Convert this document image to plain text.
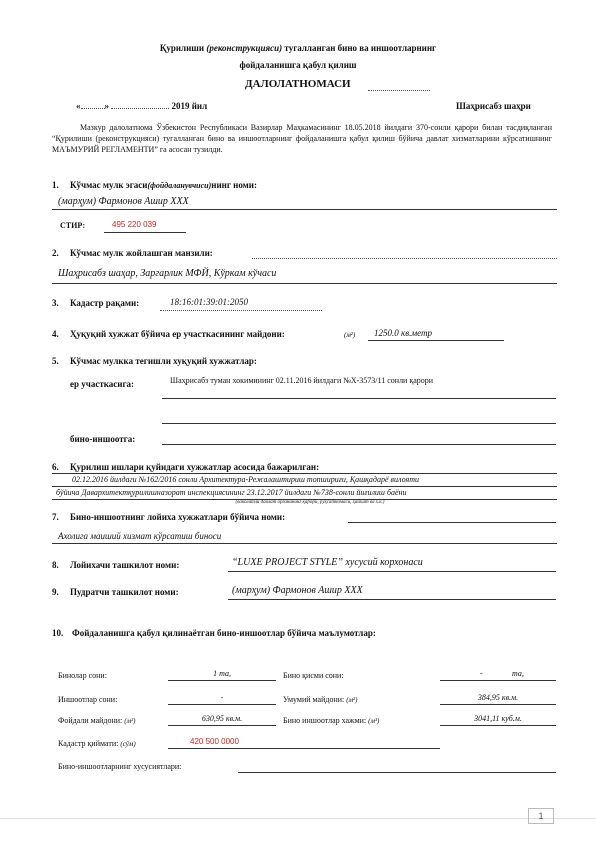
Қурилиши (реконструкцияси) тугалланган бино ва иншоотларнинг
фойдаланишга қабул қилиш
ДАЛОЛАТНОМАСИ
«	»	2019 йил	Шаҳрисабз шаҳри
Мазкур далолатнома Ўзбекистон Республикаси Вазирлар Маҳкамасининг 18.05.2018 йилдаги 370-сонли қарори билан тасдиқланган “Қурилиши (реконструкцияси) тугалланган бино ва иншоотларнинг фойдаланишга қабул қилиш бўйича давлат хизматларини кўрсатишнинг МАЪМУРИЙ РЕГЛАМЕНТИ” га асосан тузилди.
1. Кўчмас мулк эгаси(фойдаланувчиси)нинг номи:
(марҳум) Фармонов Ашир ХХХ
СТИР:	495 220 039
2. Кўчмас мулк жойлашган манзили:
Шаҳрисабз шаҳар, Заргарлик МФЙ, Кўркам кўчаси
3. Кадастр рақами:	18:16:01:39:01:2050
4. Ҳуқуқий хужжат бўйича ер участкасининг майдони:	(м²) 1250.0 кв.метр
5. Кўчмас мулкка тегишли хуқуқий хужжатлар:
ер участкасига:	Шаҳрисабз туман хокимининг 02.11.2016 йилдаги №Х-3573/11 сонли қарори
бино-иншоотга:
6. Қурилиш ишлари қуйидаги хужжатлар асосида бажарилган:
02.12.2016 йилдаги №162/2016 сонли Архитектура-Режалаштириш топшириғи, Қашқадарё вилояти
бўйича Давархитектқурилишназорат инспекциясининг 23.12.2017 йилдаги №738-сонли йиғилиш баёни
(ваколатли давлат органининг қарори, руҳсатномаси, ҳайъат ва х.к.)
7. Бино-иншоотнинг лойиха хужжатлари бўйича номи:
Ахолига маиший хизмат кўрсатиш биноси
8. Лойихачи ташкилот номи:	“LUXE PROJECT STYLE” хусусий корхонаси
9. Пудратчи ташкилот номи:	(марҳум) Фармонов Ашир ХХХ
10. Фойдаланишга қабул қилинаётган бино-иншоотлар бўйича маълумотлар:
Бинолар сони:	1 та,	Бино қисми сони:	-	та,
Иншоотлар сони:	-	Умумий майдони: (м²)	384,95 кв.м.
Фойдали майдони: (м²)	630,95 кв.м.	Бино иншоотлар хажми: (м³)	3041,11 куб.м.
Кадастр қиймати: (сўм)	420 500 0000
Бино-иншоотларнинг хусусиятлари:
1
